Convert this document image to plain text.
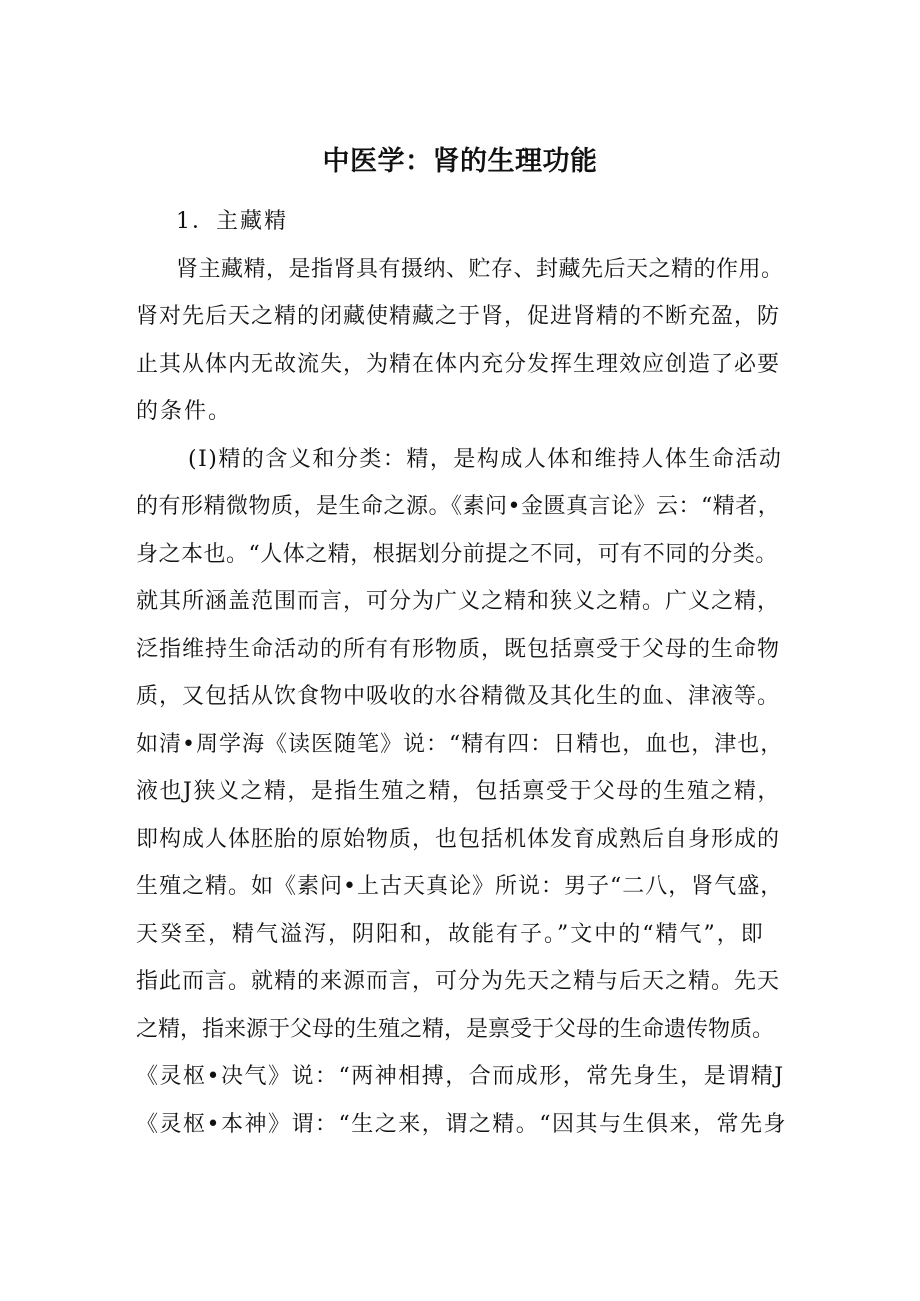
中医学：肾的生理功能
1．主藏精
肾主藏精，是指肾具有摄纳、贮存、封藏先后天之精的作用。
肾对先后天之精的闭藏使精藏之于肾，促进肾精的不断充盈，防
止其从体内无故流失，为精在体内充分发挥生理效应创造了必要
的条件。
(I)精的含义和分类：精，是构成人体和维持人体生命活动
的有形精微物质，是生命之源。《素问•金匮真言论》云：“精者，
身之本也。“人体之精，根据划分前提之不同，可有不同的分类。
就其所涵盖范围而言，可分为广义之精和狭义之精。广义之精，
泛指维持生命活动的所有有形物质，既包括禀受于父母的生命物
质，又包括从饮食物中吸收的水谷精微及其化生的血、津液等。
如清•周学海《读医随笔》说：“精有四：日精也，血也，津也，
液也J狭义之精，是指生殖之精，包括禀受于父母的生殖之精，
即构成人体胚胎的原始物质，也包括机体发育成熟后自身形成的
生殖之精。如《素问•上古天真论》所说：男子“二八，肾气盛，
天癸至，精气溢泻，阴阳和，故能有子。”文中的“精气”，即
指此而言。就精的来源而言，可分为先天之精与后天之精。先天
之精，指来源于父母的生殖之精，是禀受于父母的生命遗传物质。
《灵枢•决气》说：“两神相搏，合而成形，常先身生，是谓精J
《灵枢•本神》谓：“生之来，谓之精。“因其与生俱来，常先身
